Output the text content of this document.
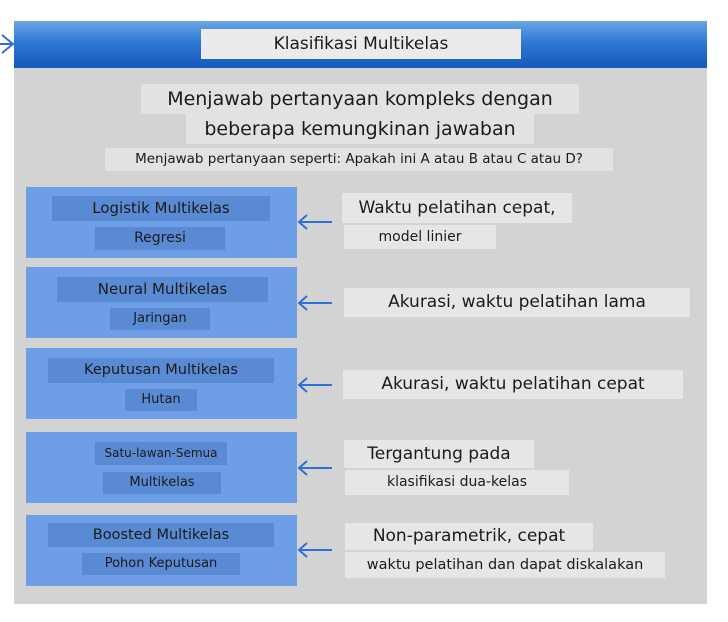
Klasifikasi Multikelas
Menjawab pertanyaan kompleks dengan
beberapa kemungkinan jawaban
Menjawab pertanyaan seperti: Apakah ini A atau B atau C atau D?
Logistik Multikelas
Regresi
Waktu pelatihan cepat,
model linier
Neural Multikelas
Jaringan
Akurasi, waktu pelatihan lama
Keputusan Multikelas
Hutan
Akurasi, waktu pelatihan cepat
Satu-lawan-Semua
Multikelas
Tergantung pada
klasifikasi dua-kelas
Boosted Multikelas
Pohon Keputusan
Non-parametrik, cepat
waktu pelatihan dan dapat diskalakan
